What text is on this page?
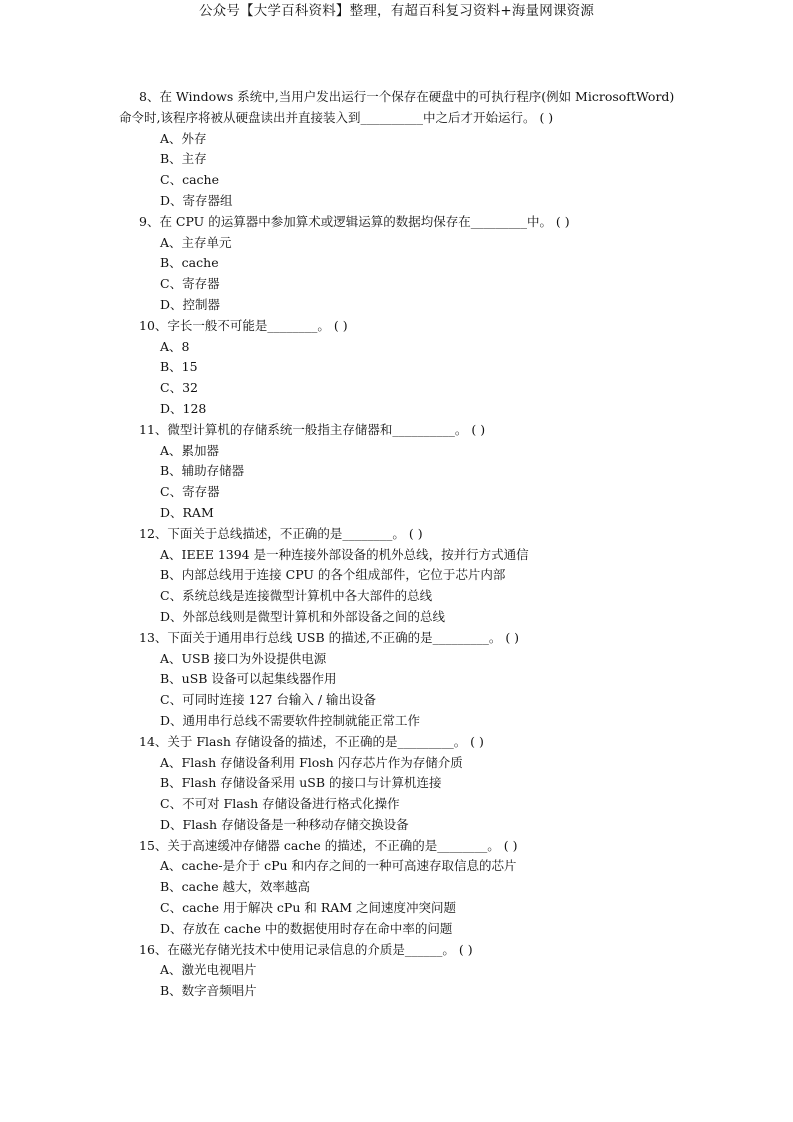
公众号【大学百科资料】整理，有超百科复习资料+海量网课资源
8、在 Windows 系统中,当用户发出运行一个保存在硬盘中的可执行程序(例如 MicrosoftWord)
命令时,该程序将被从硬盘读出并直接装入到__________中之后才开始运行。 ( )
A、外存
B、主存
C、cache
D、寄存器组
9、在 CPU 的运算器中参加算术或逻辑运算的数据均保存在_________中。 ( )
A、主存单元
B、cache
C、寄存器
D、控制器
10、字长一般不可能是________。 ( )
A、8
B、15
C、32
D、128
11、微型计算机的存储系统一般指主存储器和__________。 ( )
A、累加器
B、辅助存储器
C、寄存器
D、RAM
12、下面关于总线描述，不正确的是________。 ( )
A、IEEE 1394 是一种连接外部设备的机外总线，按并行方式通信
B、内部总线用于连接 CPU 的各个组成部件，它位于芯片内部
C、系统总线是连接微型计算机中各大部件的总线
D、外部总线则是微型计算机和外部设备之间的总线
13、下面关于通用串行总线 USB 的描述,不正确的是_________。 ( )
A、USB 接口为外设提供电源
B、uSB 设备可以起集线器作用
C、可同时连接 127 台输入 / 输出设备
D、通用串行总线不需要软件控制就能正常工作
14、关于 Flash 存储设备的描述，不正确的是_________。 ( )
A、Flash 存储设备利用 Flosh 闪存芯片作为存储介质
B、Flash 存储设备采用 uSB 的接口与计算机连接
C、不可对 Flash 存储设备进行格式化操作
D、Flash 存储设备是一种移动存储交换设备
15、关于高速缓冲存储器 cache 的描述，不正确的是________。 ( )
A、cache-是介于 cPu 和内存之间的一种可高速存取信息的芯片
B、cache 越大，效率越高
C、cache 用于解决 cPu 和 RAM 之间速度冲突问题
D、存放在 cache 中的数据使用时存在命中率的问题
16、在磁光存储光技术中使用记录信息的介质是______。 ( )
A、激光电视唱片
B、数字音频唱片
